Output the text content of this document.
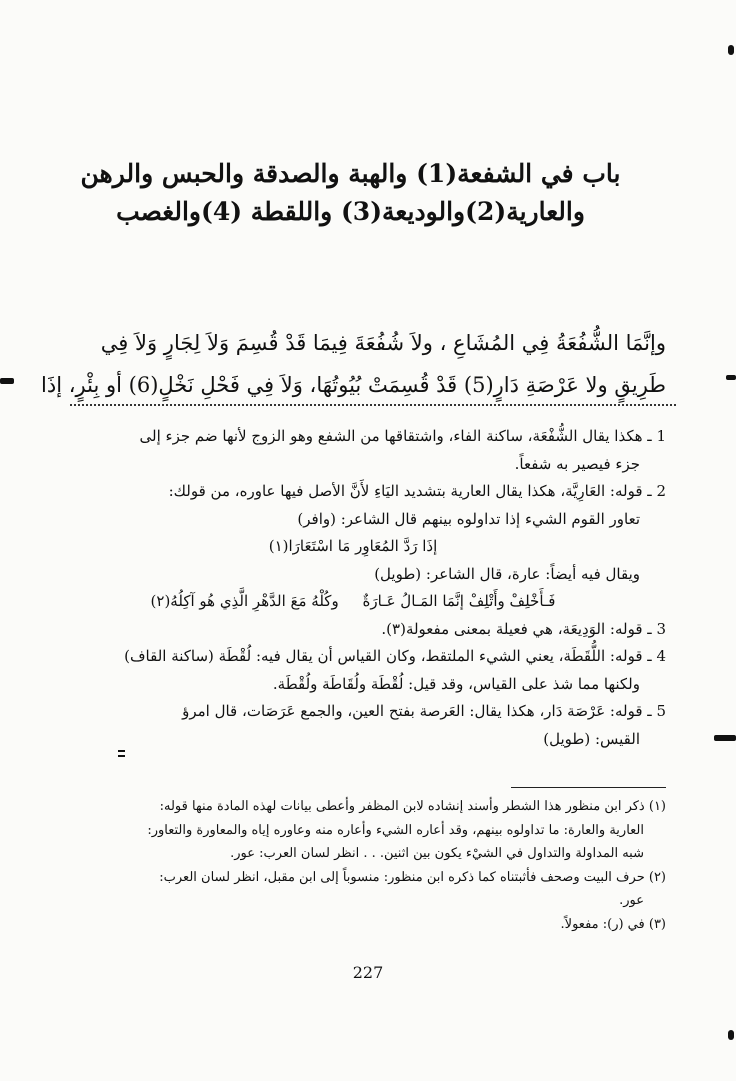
باب في الشفعة(1) والهبة والصدقة والحبس والرهن
والعارية(2)والوديعة(3) واللقطة (4)والغصب

وإنَّمَا الشُّفُعَةُ فِي المُشَاعِ ، ولاَ شُفُعَةَ فِيمَا قَدْ قُسِمَ وَلاَ لِجَارٍ وَلاَ فِي

طَرِيقٍ ولا عَرْصَةِ دَارٍ(5) قَدْ قُسِمَتْ بُيُوتُهَا، وَلاَ فِي فَحْلِ نَخْلٍ(6) أو بِئْرٍ، إذَا

1 ـ هكذا يقال الشُّفْعَة، ساكنة الفاء، واشتقاقها من الشفع وهو الزوج لأنها ضم جزء إلى

جزء فيصير به شفعاً.

2 ـ قوله: العَارِيَّة، هكذا يقال العارية بتشديد اليَاءِ لأَنَّ الأصل فيها عاوره، من قولك:

تعاور القوم الشيء إذا تداولوه بينهم قال الشاعر: (وافر)

إذَا رَدَّ المُعَاوِر مَا اسْتَعَارَا(١)

ويقال فيه أيضاً: عارة، قال الشاعر: (طويل)

فَـأَخْلِفْ وأَتْلِفْ إنَّمَا المَـالُ عَـارَةٌ     وكُلْهُ مَعَ الدَّهْرِ الَّذِي هُو آكِلُهُ(٢)

3 ـ قوله: الوَدِيعَة، هي فعيلة بمعنى مفعولة(٣).

4 ـ قوله: اللُّقَطَة، يعني الشيء الملتقط، وكان القياس أن يقال فيه: لُقْطَة (ساكنة القاف)

ولكنها مما شذ على القياس، وقد قيل: لُقْطَة ولُقَاطَة ولُقْطَة.

5 ـ قوله: عَرْصَة دَار، هكذا يقال: العَرصة بفتح العين، والجمع عَرَصَات، قال امرؤ

القيس: (طويل)

(١) ذكر ابن منظور هذا الشطر وأسند إنشاده لابن المظفر وأعطى بيانات لهذه المادة منها قوله:

العارية والعارة: ما تداولوه بينهم، وقد أعاره الشيء وأعاره منه وعاوره إياه والمعاورة والتعاور:

شبه المداولة والتداول في الشيْء يكون بين اثنين. . . انظر لسان العرب: عور.

(٢) حرف البيت وصحف فأثبتناه كما ذكره ابن منظور: منسوباً إلى ابن مقبل، انظر لسان العرب:

عور.

(٣) في (ر): مفعولاً.

227
